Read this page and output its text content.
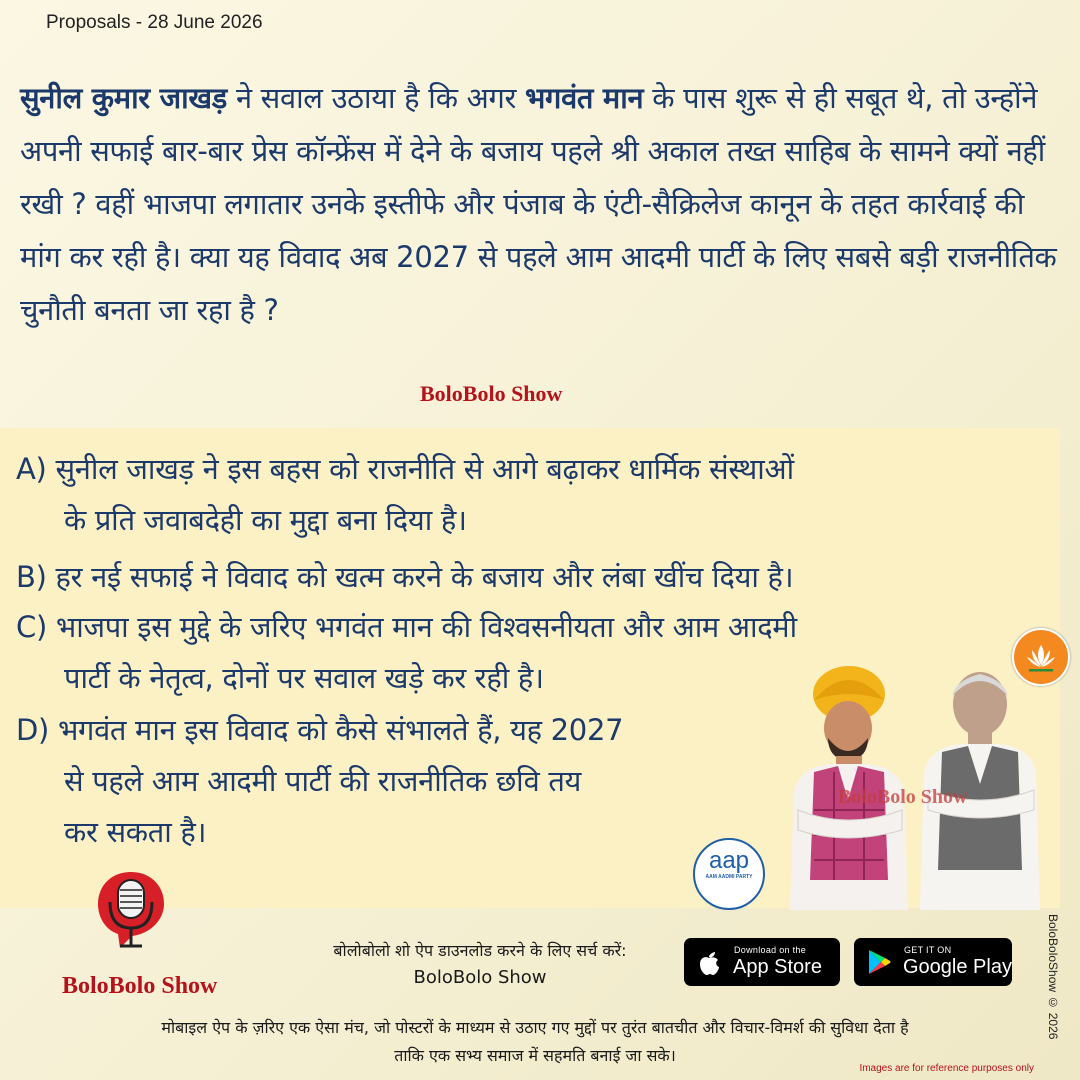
Proposals - 28 June 2026
सुनील कुमार जाखड़ ने सवाल उठाया है कि अगर भगवंत मान के पास शुरू से ही सबूत थे, तो उन्होंने अपनी सफाई बार-बार प्रेस कॉन्फ्रेंस में देने के बजाय पहले श्री अकाल तख्त साहिब के सामने क्यों नहीं रखी ? वहीं भाजपा लगातार उनके इस्तीफे और पंजाब के एंटी-सैक्रिलेज कानून के तहत कार्रवाई की मांग कर रही है। क्या यह विवाद अब 2027 से पहले आम आदमी पार्टी के लिए सबसे बड़ी राजनीतिक चुनौती बनता जा रहा है ?
BoloBolo Show
A) सुनील जाखड़ ने इस बहस को राजनीति से आगे बढ़ाकर धार्मिक संस्थाओं
के प्रति जवाबदेही का मुद्दा बना दिया है।
B) हर नई सफाई ने विवाद को खत्म करने के बजाय और लंबा खींच दिया है।
C) भाजपा इस मुद्दे के जरिए भगवंत मान की विश्वसनीयता और आम आदमी
पार्टी के नेतृत्व, दोनों पर सवाल खड़े कर रही है।
D) भगवंत मान इस विवाद को कैसे संभालते हैं, यह 2027
से पहले आम आदमी पार्टी की राजनीतिक छवि तय
कर सकता है।
BoloBolo Show
aap
AAM AADMI PARTY
BoloBolo Show
बोलोबोलो शो ऐप डाउनलोड करने के लिए सर्च करें:
BoloBolo Show
Download on the
App Store
GET IT ON
Google Play
मोबाइल ऐप के ज़रिए एक ऐसा मंच, जो पोस्टरों के माध्यम से उठाए गए मुद्दों पर तुरंत बातचीत और विचार-विमर्श की सुविधा देता है
ताकि एक सभ्य समाज में सहमति बनाई जा सके।
Images are for reference purposes only
BoloBoloShow © 2026
